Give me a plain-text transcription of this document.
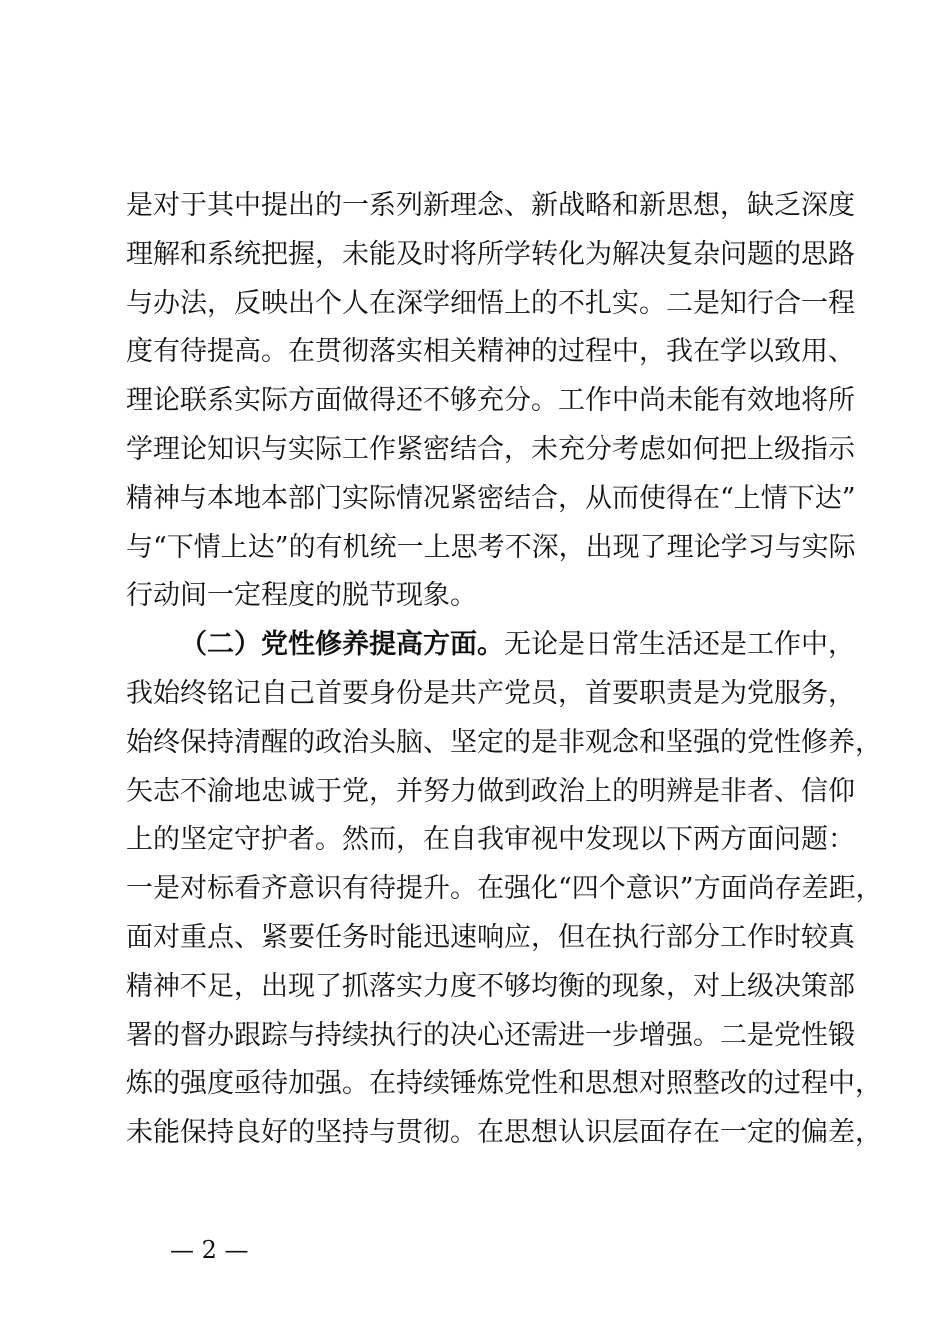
是对于其中提出的一系列新理念、新战略和新思想，缺乏深度
理解和系统把握，未能及时将所学转化为解决复杂问题的思路
与办法，反映出个人在深学细悟上的不扎实。二是知行合一程
度有待提高。在贯彻落实相关精神的过程中，我在学以致用、
理论联系实际方面做得还不够充分。工作中尚未能有效地将所
学理论知识与实际工作紧密结合，未充分考虑如何把上级指示
精神与本地本部门实际情况紧密结合，从而使得在“上情下达”
与“下情上达”的有机统一上思考不深，出现了理论学习与实际
行动间一定程度的脱节现象。
（二）党性修养提高方面。无论是日常生活还是工作中，
我始终铭记自己首要身份是共产党员，首要职责是为党服务，
始终保持清醒的政治头脑、坚定的是非观念和坚强的党性修养，
矢志不渝地忠诚于党，并努力做到政治上的明辨是非者、信仰
上的坚定守护者。然而，在自我审视中发现以下两方面问题：
一是对标看齐意识有待提升。在强化“四个意识”方面尚存差距，
面对重点、紧要任务时能迅速响应，但在执行部分工作时较真
精神不足，出现了抓落实力度不够均衡的现象，对上级决策部
署的督办跟踪与持续执行的决心还需进一步增强。二是党性锻
炼的强度亟待加强。在持续锤炼党性和思想对照整改的过程中，
未能保持良好的坚持与贯彻。在思想认识层面存在一定的偏差，
— 2 —
